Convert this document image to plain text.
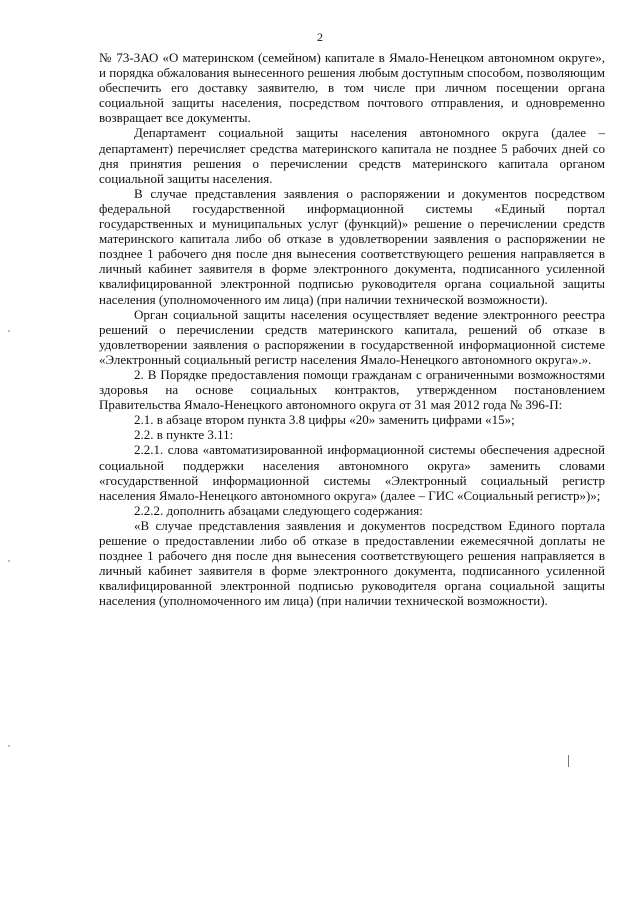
2

№ 73-ЗАО «О материнском (семейном) капитале в Ямало-Ненецком автономном округе», и порядка обжалования вынесенного решения любым доступным способом, позволяющим обеспечить его доставку заявителю, в том числе при личном посещении органа социальной защиты населения, посредством почтового отправления, и одновременно возвращает все документы.

Департамент социальной защиты населения автономного округа (далее – департамент) перечисляет средства материнского капитала не позднее 5 рабочих дней со дня принятия решения о перечислении средств материнского капитала органом социальной защиты населения.

В случае представления заявления о распоряжении и документов посредством федеральной государственной информационной системы «Единый портал государственных и муниципальных услуг (функций)» решение о перечислении средств материнского капитала либо об отказе в удовлетворении заявления о распоряжении не позднее 1 рабочего дня после дня вынесения соответствующего решения направляется в личный кабинет заявителя в форме электронного документа, подписанного усиленной квалифицированной электронной подписью руководителя органа социальной защиты населения (уполномоченного им лица) (при наличии технической возможности).

Орган социальной защиты населения осуществляет ведение электронного реестра решений о перечислении средств материнского капитала, решений об отказе в удовлетворении заявления о распоряжении в государственной информационной системе «Электронный социальный регистр населения Ямало-Ненецкого автономного округа».».

2. В Порядке предоставления помощи гражданам с ограниченными возможностями здоровья на основе социальных контрактов, утвержденном постановлением Правительства Ямало-Ненецкого автономного округа от 31 мая 2012 года № 396-П:

2.1. в абзаце втором пункта 3.8 цифры «20» заменить цифрами «15»;

2.2. в пункте 3.11:

2.2.1. слова «автоматизированной информационной системы обеспечения адресной социальной поддержки населения автономного округа» заменить словами «государственной информационной системы «Электронный социальный регистр населения Ямало-Ненецкого автономного округа» (далее – ГИС «Социальный регистр»)»;

2.2.2. дополнить абзацами следующего содержания:

«В случае представления заявления и документов посредством Единого портала решение о предоставлении либо об отказе в предоставлении ежемесячной доплаты не позднее 1 рабочего дня после дня вынесения соответствующего решения направляется в личный кабинет заявителя в форме электронного документа, подписанного усиленной квалифицированной электронной подписью руководителя органа социальной защиты населения (уполномоченного им лица) (при наличии технической возможности).
